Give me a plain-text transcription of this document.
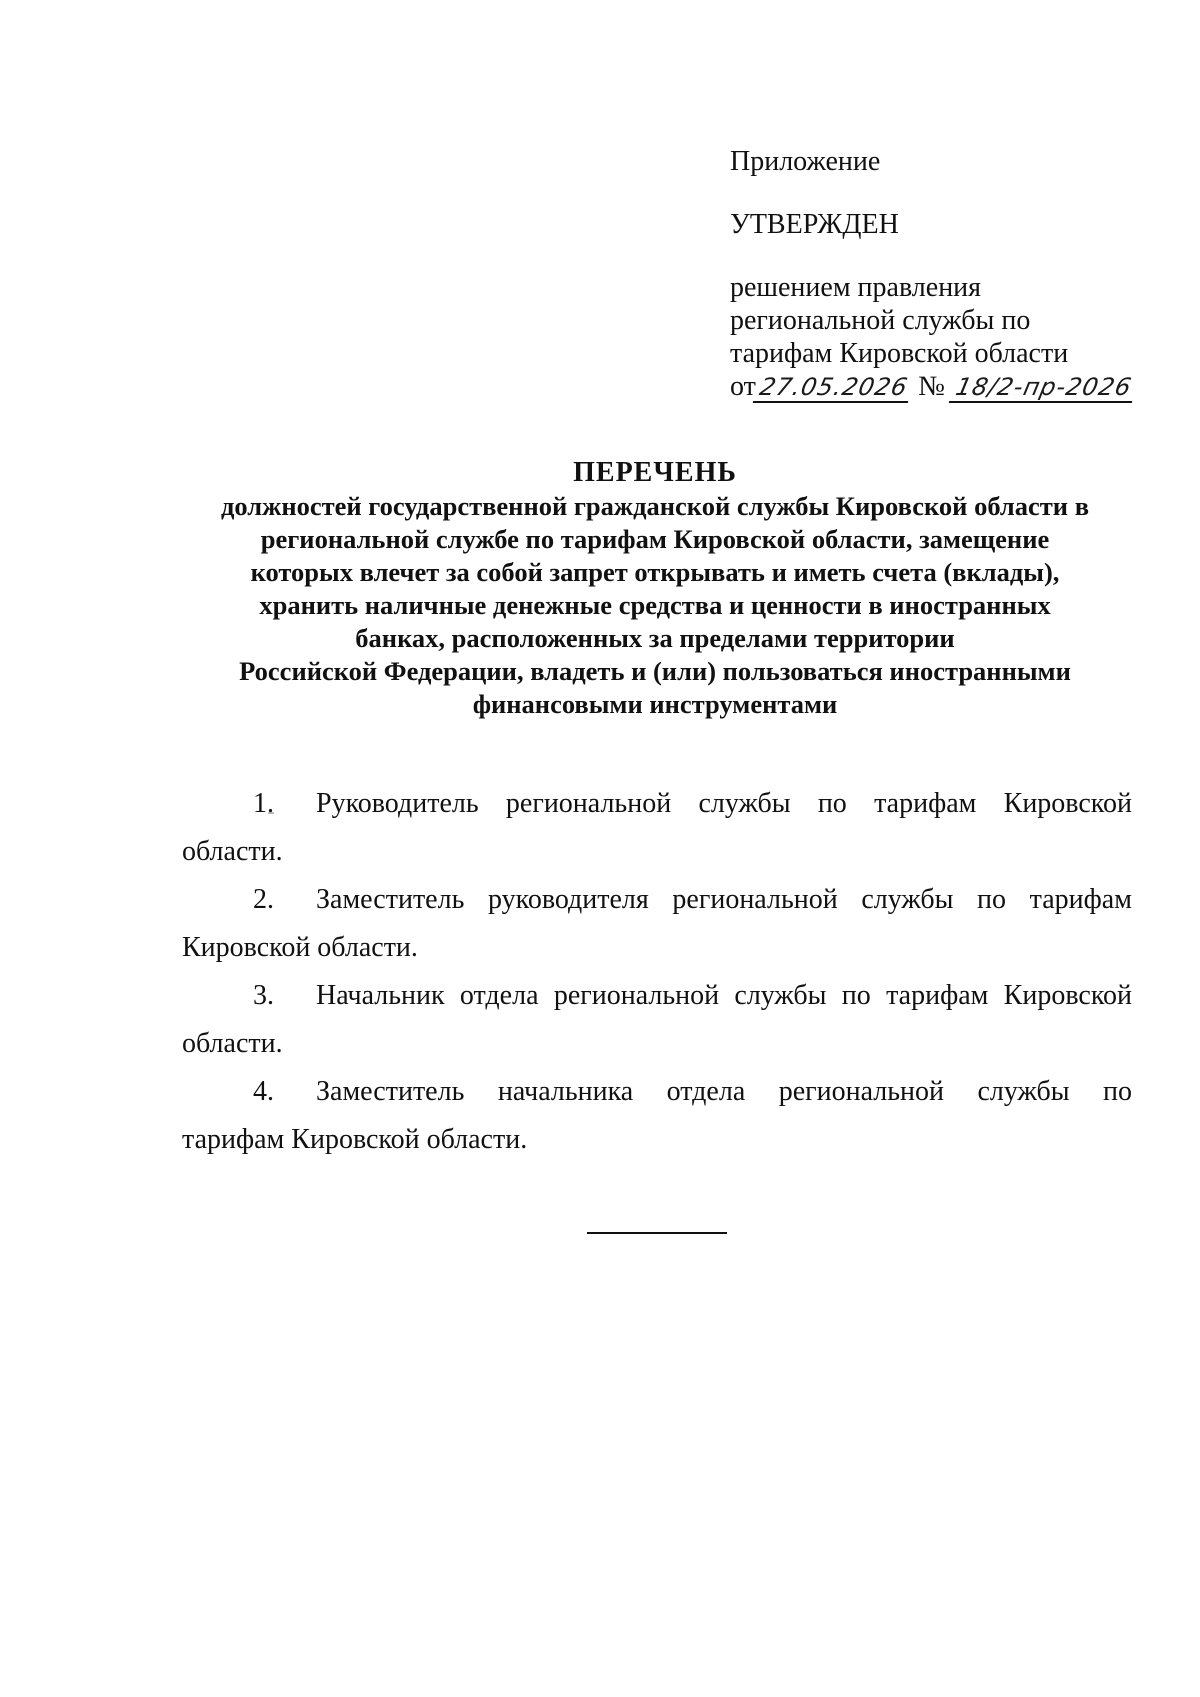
Приложение
УТВЕРЖДЕН
решением правления
региональной службы по
тарифам Кировской области
от27.05.2026 № 18/2-пр-2026
ПЕРЕЧЕНЬ
должностей государственной гражданской службы Кировской области в
региональной службе по тарифам Кировской области, замещение
которых влечет за собой запрет открывать и иметь счета (вклады),
хранить наличные денежные средства и ценности в иностранных
банках, расположенных за пределами территории
Российской Федерации, владеть и (или) пользоваться иностранными
финансовыми инструментами
1.	Руководитель региональной службы по тарифам Кировской
области.
2.	Заместитель руководителя региональной службы по тарифам
Кировской области.
3.	Начальник отдела региональной службы по тарифам Кировской
области.
4.	Заместитель начальника отдела региональной службы по
тарифам Кировской области.
